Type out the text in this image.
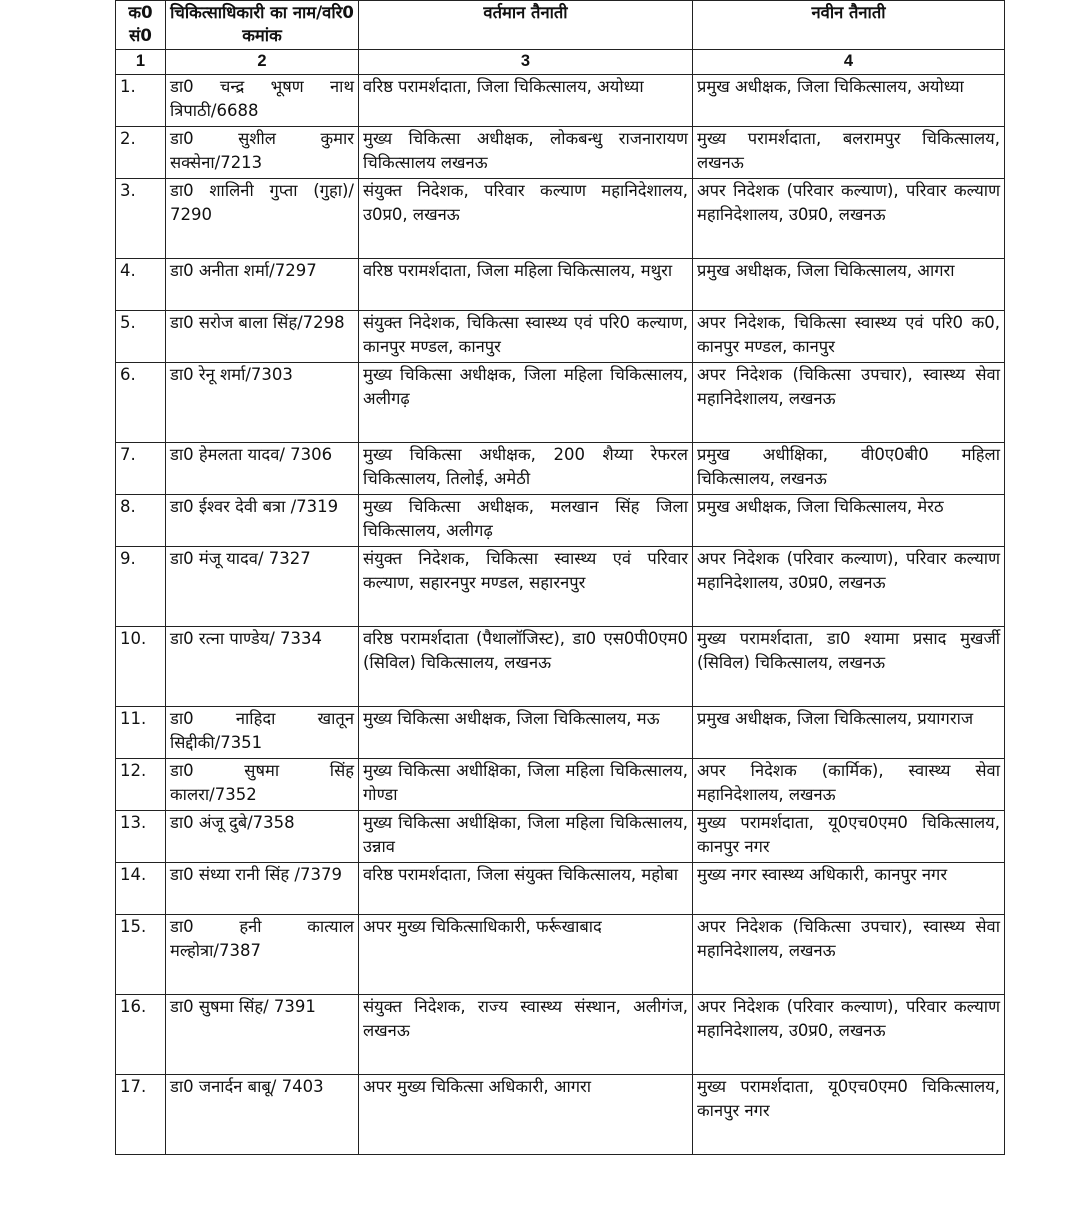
क0 सं0	चिकित्साधिकारी का नाम/वरि0 कमांक	वर्तमान तैनाती	नवीन तैनाती
1	2	3	4
1.	डा0 चन्द्र भूषण नाथ त्रिपाठी/6688	वरिष्ठ परामर्शदाता, जिला चिकित्सालय, अयोध्या	प्रमुख अधीक्षक, जिला चिकित्सालय, अयोध्या
2.	डा0 सुशील कुमार सक्सेना/7213	मुख्य चिकित्सा अधीक्षक, लोकबन्धु राजनारायण चिकित्सालय लखनऊ	मुख्य परामर्शदाता, बलरामपुर चिकित्सालय, लखनऊ
3.	डा0 शालिनी गुप्ता (गुहा)/ 7290	संयुक्त निदेशक, परिवार कल्याण महानिदेशालय, उ0प्र0, लखनऊ	अपर निदेशक (परिवार कल्याण), परिवार कल्याण महानिदेशालय, उ0प्र0, लखनऊ
4.	डा0 अनीता शर्मा/7297	वरिष्ठ परामर्शदाता, जिला महिला चिकित्सालय, मथुरा	प्रमुख अधीक्षक, जिला चिकित्सालय, आगरा
5.	डा0 सरोज बाला सिंह/7298	संयुक्त निदेशक, चिकित्सा स्वास्थ्य एवं परि0 कल्याण, कानपुर मण्डल, कानपुर	अपर निदेशक, चिकित्सा स्वास्थ्य एवं परि0 क0, कानपुर मण्डल, कानपुर
6.	डा0 रेनू शर्मा/7303	मुख्य चिकित्सा अधीक्षक, जिला महिला चिकित्सालय, अलीगढ़	अपर निदेशक (चिकित्सा उपचार), स्वास्थ्य सेवा महानिदेशालय, लखनऊ
7.	डा0 हेमलता यादव/ 7306	मुख्य चिकित्सा अधीक्षक, 200 शैय्या रेफरल चिकित्सालय, तिलोई, अमेठी	प्रमुख अधीक्षिका, वी0ए0बी0 महिला चिकित्सालय, लखनऊ
8.	डा0 ईश्वर देवी बत्रा /7319	मुख्य चिकित्सा अधीक्षक, मलखान सिंह जिला चिकित्सालय, अलीगढ़	प्रमुख अधीक्षक, जिला चिकित्सालय, मेरठ
9.	डा0 मंजू यादव/ 7327	संयुक्त निदेशक, चिकित्सा स्वास्थ्य एवं परिवार कल्याण, सहारनपुर मण्डल, सहारनपुर	अपर निदेशक (परिवार कल्याण), परिवार कल्याण महानिदेशालय, उ0प्र0, लखनऊ
10.	डा0 रत्ना पाण्डेय/ 7334	वरिष्ठ परामर्शदाता (पैथालॉजिस्ट), डा0 एस0पी0एम0 (सिविल) चिकित्सालय, लखनऊ	मुख्य परामर्शदाता, डा0 श्यामा प्रसाद मुखर्जी (सिविल) चिकित्सालय, लखनऊ
11.	डा0 नाहिदा खातून सिद्दीकी/7351	मुख्य चिकित्सा अधीक्षक, जिला चिकित्सालय, मऊ	प्रमुख अधीक्षक, जिला चिकित्सालय, प्रयागराज
12.	डा0 सुषमा सिंह कालरा/7352	मुख्य चिकित्सा अधीक्षिका, जिला महिला चिकित्सालय, गोण्डा	अपर निदेशक (कार्मिक), स्वास्थ्य सेवा महानिदेशालय, लखनऊ
13.	डा0 अंजू दुबे/7358	मुख्य चिकित्सा अधीक्षिका, जिला महिला चिकित्सालय, उन्नाव	मुख्य परामर्शदाता, यू0एच0एम0 चिकित्सालय, कानपुर नगर
14.	डा0 संध्या रानी सिंह /7379	वरिष्ठ परामर्शदाता, जिला संयुक्त चिकित्सालय, महोबा	मुख्य नगर स्वास्थ्य अधिकारी, कानपुर नगर
15.	डा0 हनी कात्याल मल्होत्रा/7387	अपर मुख्य चिकित्साधिकारी, फर्रूखाबाद	अपर निदेशक (चिकित्सा उपचार), स्वास्थ्य सेवा महानिदेशालय, लखनऊ
16.	डा0 सुषमा सिंह/ 7391	संयुक्त निदेशक, राज्य स्वास्थ्य संस्थान, अलीगंज, लखनऊ	अपर निदेशक (परिवार कल्याण), परिवार कल्याण महानिदेशालय, उ0प्र0, लखनऊ
17.	डा0 जनार्दन बाबू/ 7403	अपर मुख्य चिकित्सा अधिकारी, आगरा	मुख्य परामर्शदाता, यू0एच0एम0 चिकित्सालय, कानपुर नगर
